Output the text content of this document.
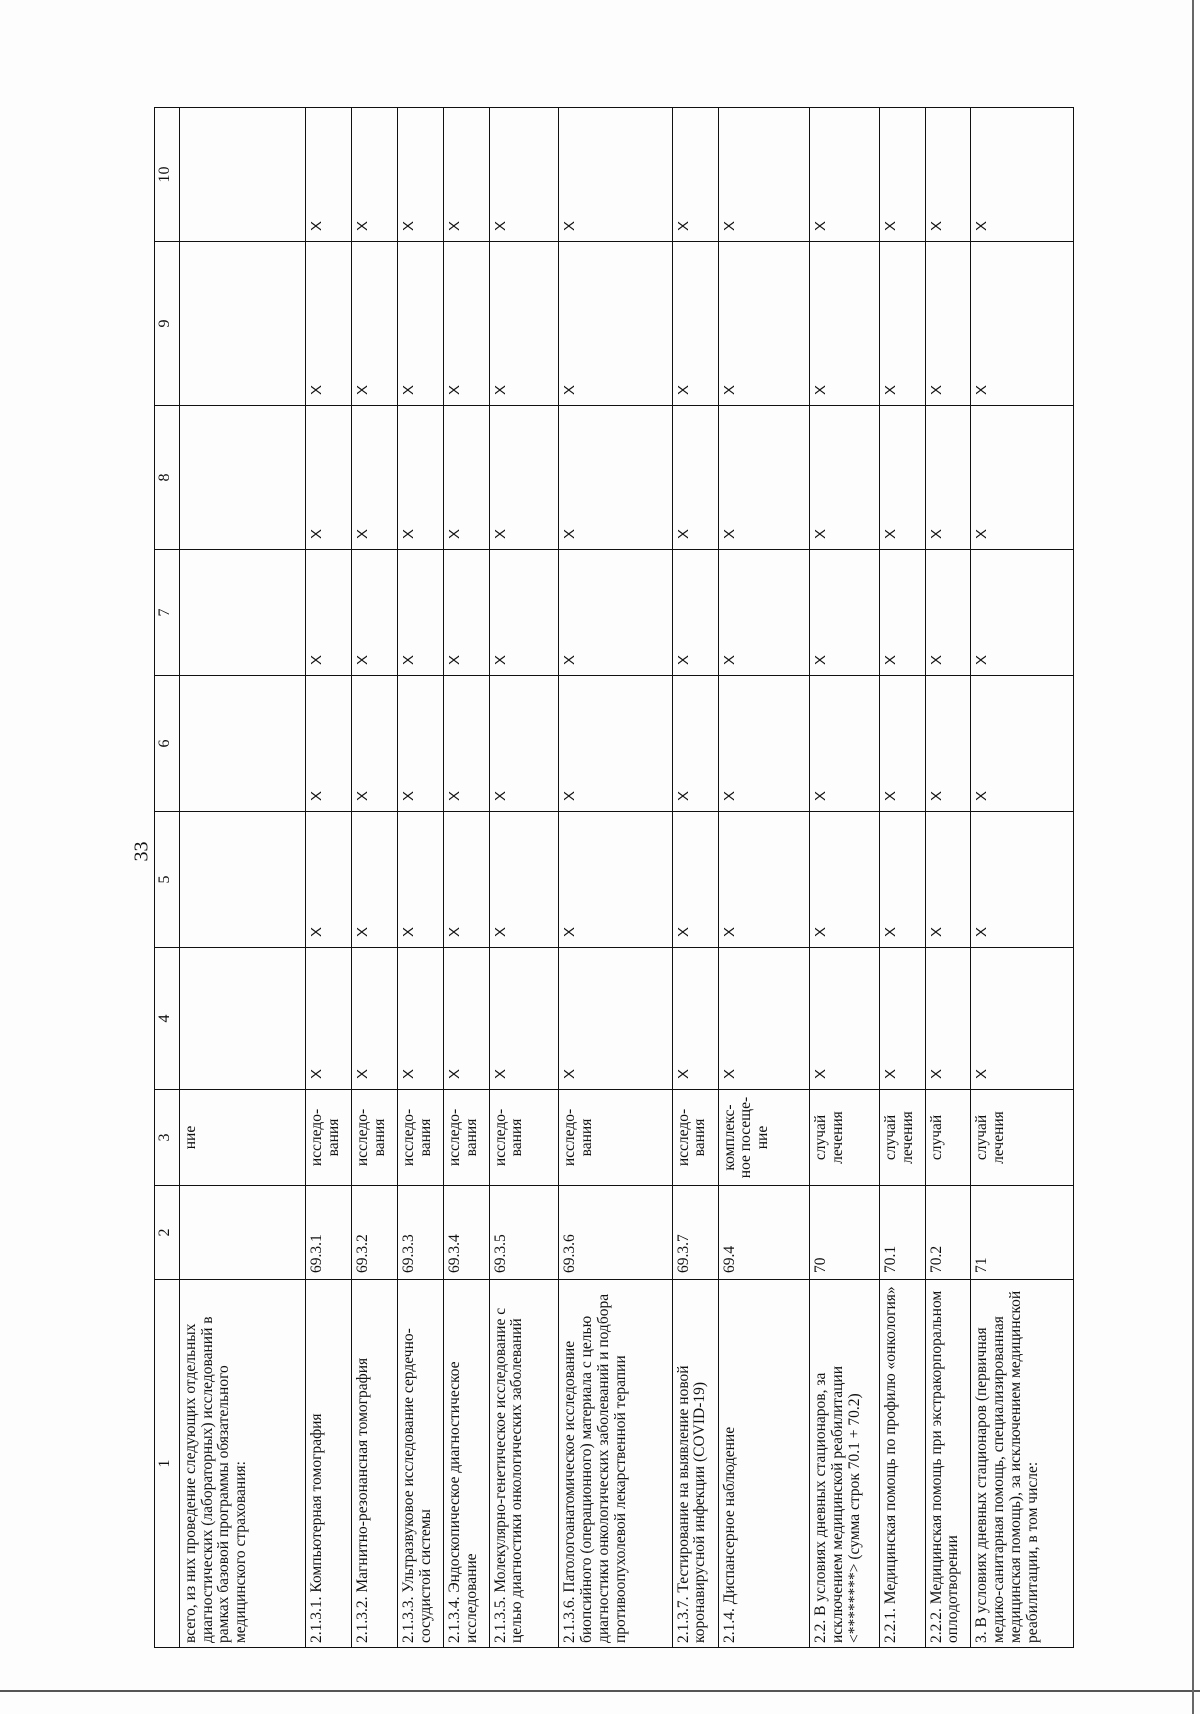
33
1	2	3	4	5	6	7	8	9	10
всего, из них проведение следующих отдельных диагностических (лабораторных) исследований в рамках базовой программы обязательного медицинского страхования:		ние							
2.1.3.1. Компьютерная томография	69.3.1	исследо-вания	X	X	X	X	X	X	X
2.1.3.2. Магнитно-резонансная томография	69.3.2	исследо-вания	X	X	X	X	X	X	X
2.1.3.3. Ультразвуковое исследование сердечно-сосудистой системы	69.3.3	исследо-вания	X	X	X	X	X	X	X
2.1.3.4. Эндоскопическое диагностическое исследование	69.3.4	исследо-вания	X	X	X	X	X	X	X
2.1.3.5. Молекулярно-генетическое исследование с целью диагностики онкологических заболеваний	69.3.5	исследо-вания	X	X	X	X	X	X	X
2.1.3.6. Патологоанатомическое исследование биопсийного (операционного) материала с целью диагностики онкологических заболеваний и подбора противоопухолевой лекарственной терапии	69.3.6	исследо-вания	X	X	X	X	X	X	X
2.1.3.7. Тестирование на выявление новой коронавирусной инфекции (COVID-19)	69.3.7	исследо-вания	X	X	X	X	X	X	X
2.1.4. Диспансерное наблюдение	69.4	комплекс-ное посеще-ние	X	X	X	X	X	X	X
2.2. В условиях дневных стационаров, за исключением медицинской реабилитации <********> (сумма строк 70.1 + 70.2)	70	случай лечения	X	X	X	X	X	X	X
2.2.1. Медицинская помощь по профилю «онкология»	70.1	случай лечения	X	X	X	X	X	X	X
2.2.2. Медицинская помощь при экстракорпоральном оплодотворении	70.2	случай	X	X	X	X	X	X	X
3. В условиях дневных стационаров (первичная медико-санитарная помощь, специализированная медицинская помощь), за исключением медицинской реабилитации, в том числе:	71	случай лечения	X	X	X	X	X	X	X
